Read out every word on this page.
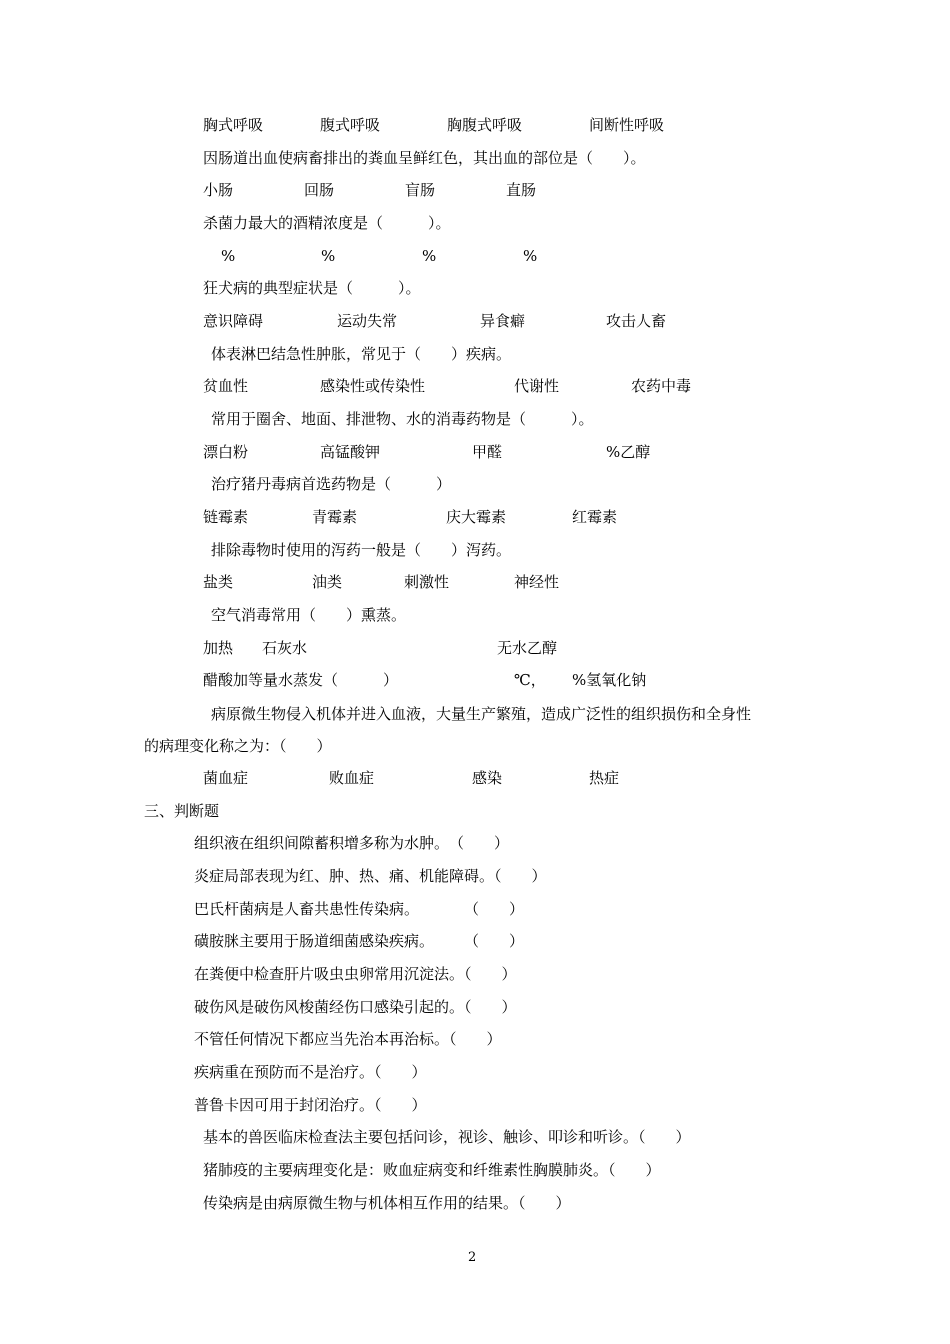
胸式呼吸	腹式呼吸	胸腹式呼吸	间断性呼吸
因肠道出血使病畜排出的粪血呈鲜红色，其出血的部位是（　　）。
小肠	回肠	盲肠	直肠
杀菌力最大的酒精浓度是（　　　）。
%	%	%	%
狂犬病的典型症状是（　　　）。
意识障碍	运动失常	异食癖	攻击人畜
体表淋巴结急性肿胀，常见于（　　）疾病。
贫血性	感染性或传染性	代谢性	农药中毒
常用于圈舍、地面、排泄物、水的消毒药物是（　　　）。
漂白粉	高锰酸钾	甲醛	%乙醇
治疗猪丹毒病首选药物是（　　　）
链霉素	青霉素	庆大霉素	红霉素
排除毒物时使用的泻药一般是（　　）泻药。
盐类	油类	刺激性	神经性
空气消毒常用（　　）熏蒸。
加热 石灰水	无水乙醇
醋酸加等量水蒸发（　　　）	℃， %氢氧化钠
病原微生物侵入机体并进入血液，大量生产繁殖，造成广泛性的组织损伤和全身性
的病理变化称之为：（　　）
菌血症	败血症	感染	热症
三、判断题
组织液在组织间隙蓄积增多称为水肿。　（　　）
炎症局部表现为红、肿、热、痛、机能障碍。（　　）
巴氏杆菌病是人畜共患性传染病。　　　　（　　）
磺胺脒主要用于肠道细菌感染疾病。　　　（　　）
在粪便中检查肝片吸虫虫卵常用沉淀法。（　　）
破伤风是破伤风梭菌经伤口感染引起的。（　　）
不管任何情况下都应当先治本再治标。（　　）
疾病重在预防而不是治疗。（　　）
普鲁卡因可用于封闭治疗。（　　）
基本的兽医临床检查法主要包括问诊，视诊、触诊、叩诊和听诊。（　　）
猪肺疫的主要病理变化是：败血症病变和纤维素性胸膜肺炎。（　　）
传染病是由病原微生物与机体相互作用的结果。（　　）
2
